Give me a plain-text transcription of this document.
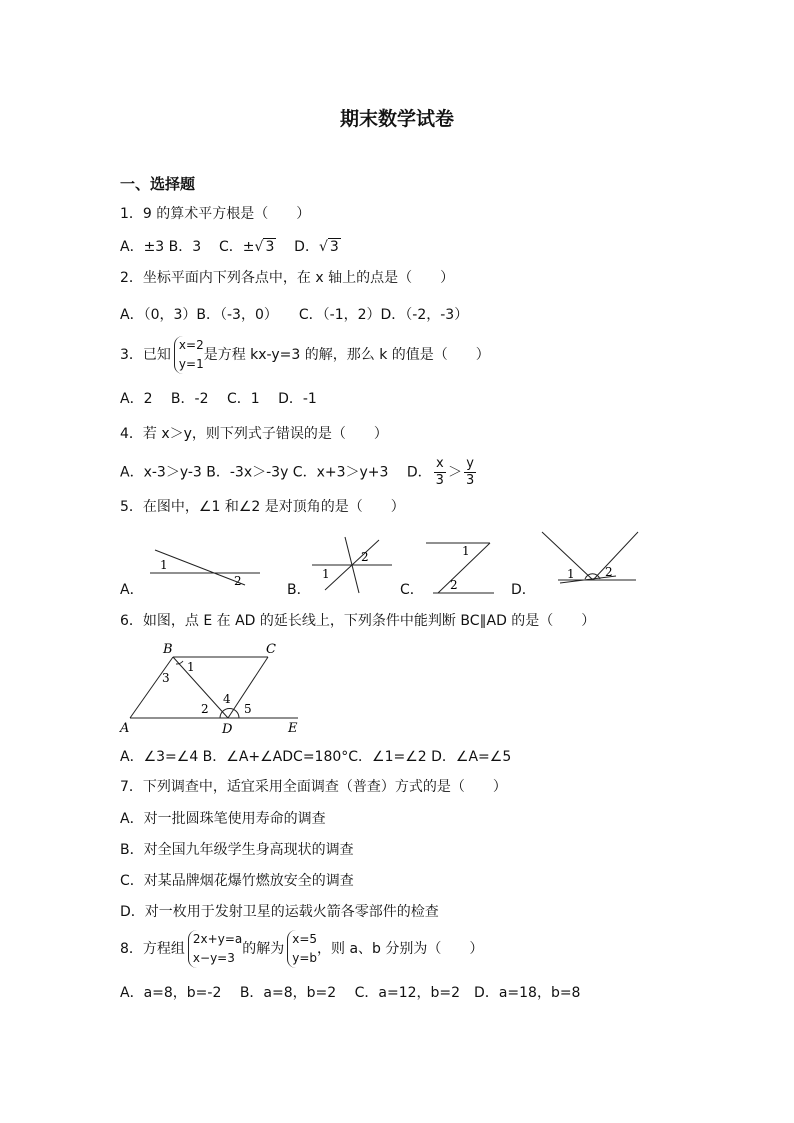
期末数学试卷
一、选择题
1．9 的算术平方根是（　　）
A．±3 B．3 C．±√ 3 D．√ 3
2．坐标平面内下列各点中，在 x 轴上的点是（　　）
A．（0，3）B．（-3，0）　　C．（-1，2）D．（-2，-3）
3．已知
x=2
y=1
是方程 kx-y=3 的解，那么 k 的值是（　　）
A．2　 B．-2　 C．1　 D．-1
4．若 x＞y，则下列式子错误的是（　　）
A．x-3＞y-3 B．-3x＞-3y C．x+3＞y+3　 D． $\frac{x}{3} > \frac{y}{3}$
5．在图中，∠1 和∠2 是对顶角的是（　　）
A．	B．	C．	D．
1
2
2
1
1
2
1	2
6．如图，点 E 在 AD 的延长线上，下列条件中能判断 BC∥AD 的是（　　）
B	C
A	D	E
1
3
2
4
5
A．∠3=∠4 B．∠A+∠ADC=180°C．∠1=∠2 D．∠A=∠5
7．下列调查中，适宜采用全面调查（普查）方式的是（　　）
A．对一批圆珠笔使用寿命的调查
B．对全国九年级学生身高现状的调查
C．对某品牌烟花爆竹燃放安全的调查
D．对一枚用于发射卫星的运载火箭各零部件的检查
8．方程组
2x+y=a
x−y=3
的解为
x=5
y=b
，则 a、b 分别为（　　）
A．a=8，b=-2　 B．a=8，b=2　 C．a=12，b=2　D．a=18，b=8
